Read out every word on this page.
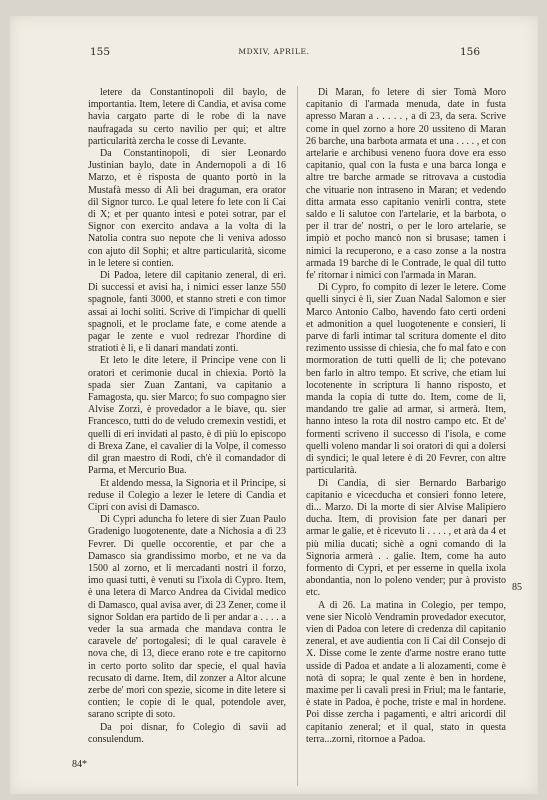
155	MDXIV, APRILE.	156

letere da Constantinopoli dil baylo, de importantia. Item, letere di Candia, et avisa come havia cargato parte di le robe di la nave naufragada su certo navilio per qui; et altre particularità zercha le cosse di Levante.

Da Constantinopoli, di sier Leonardo Justinian baylo, date in Andernopoli a dì 16 Marzo, et è risposta de quanto portò in la Mustafà messo di Alì bei draguman, era orator dil Signor turco. Le qual letere fo lete con li Cai di X; et per quanto intesi e potei sotrar, par el Signor con exercito andava a la volta di la Natolia contra suo nepote che li veniva adosso con ajuto dil Sophì; et altre particularità, sicome in le letere si contien.

Di Padoa, letere dil capitanio zeneral, di eri. Di successi et avisi ha, i nimici esser lanze 550 spagnole, fanti 3000, et stanno streti e con timor assai ai lochi soliti. Scrive di l'impichar di quelli spagnoli, et le proclame fate, e come atende a pagar le zente e vuol redrezar l'hordine di stratioti è lì, e li danari mandati zonti.

Et leto le dite letere, il Principe vene con li oratori et cerimonie ducal in chiexia. Portò la spada sier Zuan Zantani, va capitanio a Famagosta, qu. sier Marco; fo suo compagno sier Alvise Zorzi, è provedador a le biave, qu. sier Francesco, tutti do de veludo cremexin vestidi, et quelli di eri invidati al pasto, è dì più lo episcopo di Brexa Zane, el cavalier di la Volpe, il comesso dil gran maestro di Rodi, ch'è il comandador di Parma, et Mercurio Bua.

Et aldendo messa, la Signoria et il Principe, si reduse il Colegio a lezer le letere di Candia et Cipri con avisi di Damasco.

Di Cypri aduncha fo letere di sier Zuan Paulo Gradenigo luogotenente, date a Nichosia a dì 23 Fevrer. Di quelle occorentie, et par che a Damasco sia grandissimo morbo, et ne va da 1500 al zorno, et li mercadanti nostri il forzo, imo quasi tutti, è venuti su l'ixola di Cypro. Item, è una letera di Marco Andrea da Cividal medico di Damasco, qual avisa aver, di 23 Zener, come il signor Soldan era partido de lì per andar a . . . . a veder la sua armada che mandava contra le caravele de' portogalesi; di le qual caravele è nova che, di 13, diece erano rote e tre capitorno in certo porto solito dar specie, el qual havia recusato di darne. Item, dil zonzer a Altor alcune zerbe de' mori con spezie, sicome in dite letere si contien; le copie di le qual, potendole aver, sarano scripte di soto.

Da poi disnar, fo Colegio di savii ad consulendum.

Di Maran, fo letere di sier Tomà Moro capitanio di l'armada menuda, date in fusta apresso Maran a . . . . . , a dì 23, da sera. Scrive come in quel zorno a hore 20 ussiteno di Maran 26 barche, una barbota armata et una . . . . , et con artelarie e archibusi veneno fuora dove era esso capitanio, qual con la fusta e una barca longa e altre tre barche armade se ritrovava a custodia che vituarie non intraseno in Maran; et vedendo ditta armata esso capitanio venirli contra, stete saldo e li salutoe con l'artelarie, et la barbota, o per il trar de' nostri, o per le loro artelarie, se impiò et pocho mancò non si brusase; tamen i nimici la recuperono, e a caso zonse a la nostra armada 19 barche di le Contrade, le qual dil tutto fe' ritornar i nimici con l'armada in Maran.

Di Cypro, fo compito di lezer le letere. Come quelli sinyci è lì, sier Zuan Nadal Salomon e sier Marco Antonio Calbo, havendo fato certi ordeni et admonition a quel luogotenente e consieri, li parve di farli intimar tal scritura domente el dito rezimento ussisse di chiesia, che fo mal fato e con mormoration de tutti quelli de lì; che potevano ben farlo in altro tempo. Et scrive, che etiam lui locotenente in scriptura li hanno risposto, et manda la copia di tutte do. Item, come de lì, mandando tre galie ad armar, si armerà. Item, hanno inteso la rota dil nostro campo etc. Et de' formenti scriveno il successo di l'isola, e come quelli voleno mandar li soi oratori di qui a dolersi di syndici; le qual letere è dì 20 Fevrer, con altre particularità.

Di Candia, di sier Bernardo Barbarigo capitanio e vicecducha et consieri fonno letere, di... Marzo. Di la morte di sier Alvise Malipiero ducha. Item, di provision fate per danari per armar le galie, et è ricevuto li . . . . , et arà da 4 et più milia ducati; sichè a ogni comando di la Signoria armerà . . galie. Item, come ha auto formento di Cypri, et per esserne in quella ixola abondantia, non lo poleno vender; pur à provisto etc.

A dì 26. La matina in Colegio, per tempo, vene sier Nicolò Vendramin provedador executor, vien di Padoa con letere di credenza dil capitanio zeneral, et ave audientia con li Cai dil Consejo di X. Disse come le zente d'arme nostre erano tutte usside di Padoa et andate a li alozamenti, come è notà di sopra; le qual zente è ben in hordene, maxime per li cavali presi in Friul; ma le fantarie, è state in Padoa, è poche, triste e mal in hordene. Poi disse zercha i pagamenti, e altri aricordi dil capitanio zeneral; et il qual, stato in questa terra...zorni, ritornoe a Padoa.

84*
85
